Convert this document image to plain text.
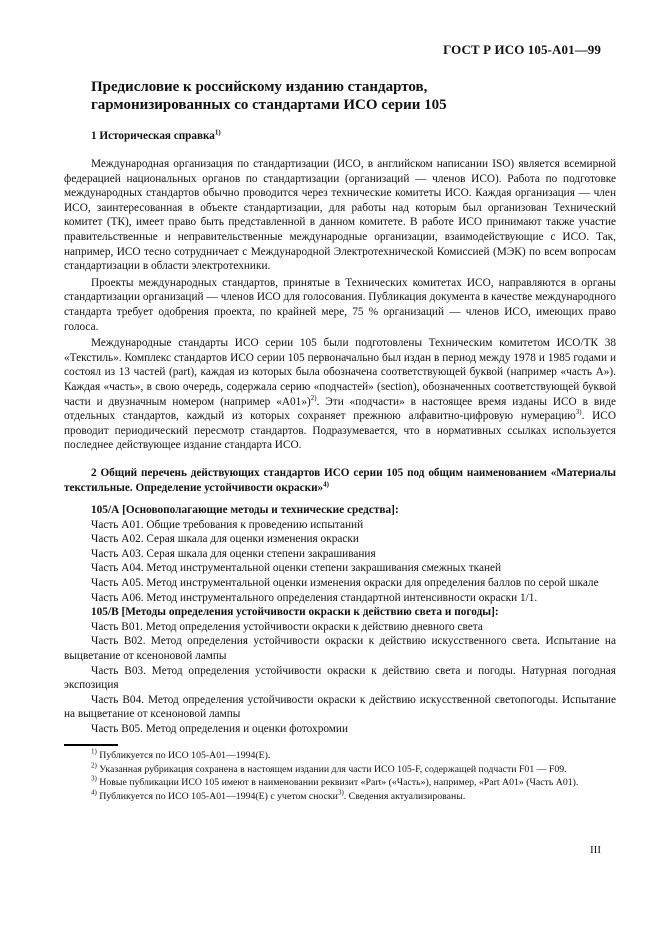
ГОСТ Р ИСО 105-А01—99
Предисловие к российскому изданию стандартов, гармонизированных со стандартами ИСО серии 105
1 Историческая справка$^{1)}$

Международная организация по стандартизации (ИСО, в английском написании ISO) является всемирной федерацией национальных органов по стандартизации (организаций — членов ИСО). Работа по подготовке международных стандартов обычно проводится через технические комитеты ИСО. Каждая организация — член ИСО, заинтересованная в объекте стандартизации, для работы над которым был организован Технический комитет (ТК), имеет право быть представленной в данном комитете. В работе ИСО принимают также участие правительственные и неправительственные международные организации, взаимодействующие с ИСО. Так, например, ИСО тесно сотрудничает с Международной Электротехнической Комиссией (МЭК) по всем вопросам стандартизации в области электротехники.

Проекты международных стандартов, принятые в Технических комитетах ИСО, направляются в органы стандартизации организаций — членов ИСО для голосования. Публикация документа в качестве международного стандарта требует одобрения проекта, по крайней мере, 75 % организаций — членов ИСО, имеющих право голоса.

Международные стандарты ИСО серии 105 были подготовлены Техническим комитетом ИСО/ТК 38 «Текстиль». Комплекс стандартов ИСО серии 105 первоначально был издан в период между 1978 и 1985 годами и состоял из 13 частей (part), каждая из которых была обозначена соответствующей буквой (например «часть А»). Каждая «часть», в свою очередь, содержала серию «подчастей» (section), обозначенных соответствующей буквой части и двузначным номером (например «А01»)$^{2)}$. Эти «подчасти» в настоящее время изданы ИСО в виде отдельных стандартов, каждый из которых сохраняет прежнюю алфавитно-цифровую нумерацию$^{3)}$. ИСО проводит периодический пересмотр стандартов. Подразумевается, что в нормативных ссылках используется последнее действующее издание стандарта ИСО.

2 Общий перечень действующих стандартов ИСО серии 105 под общим наименованием «Материалы текстильные. Определение устойчивости окраски»$^{4)}$

105/А [Основополагающие методы и технические средства]:

Часть А01. Общие требования к проведению испытаний

Часть А02. Серая шкала для оценки изменения окраски

Часть А03. Серая шкала для оценки степени закрашивания

Часть А04. Метод инструментальной оценки степени закрашивания смежных тканей

Часть А05. Метод инструментальной оценки изменения окраски для определения баллов по серой шкале

Часть А06. Метод инструментального определения стандартной интенсивности окраски 1/1.

105/В [Методы определения устойчивости окраски к действию света и погоды]:

Часть В01. Метод определения устойчивости окраски к действию дневного света

Часть В02. Метод определения устойчивости окраски к действию искусственного света. Испытание на выцветание от ксеноновой лампы

Часть В03. Метод определения устойчивости окраски к действию света и погоды. Натурная погодная экспозиция

Часть В04. Метод определения устойчивости окраски к действию искусственной светопогоды. Испытание на выцветание от ксеноновой лампы

Часть В05. Метод определения и оценки фотохромии

$^{1)}$ Публикуется по ИСО 105-А01—1994(Е).

$^{2)}$ Указанная рубрикация сохранена в настоящем издании для части ИСО 105-F, содержащей подчасти F01 — F09.

$^{3)}$ Новые публикации ИСО 105 имеют в наименовании реквизит «Part» («Часть»), например, «Part А01» (Часть А01).

$^{4)}$ Публикуется по ИСО 105-А01—1994(Е) с учетом сноски$^{3)}$. Сведения актуализированы.

III
